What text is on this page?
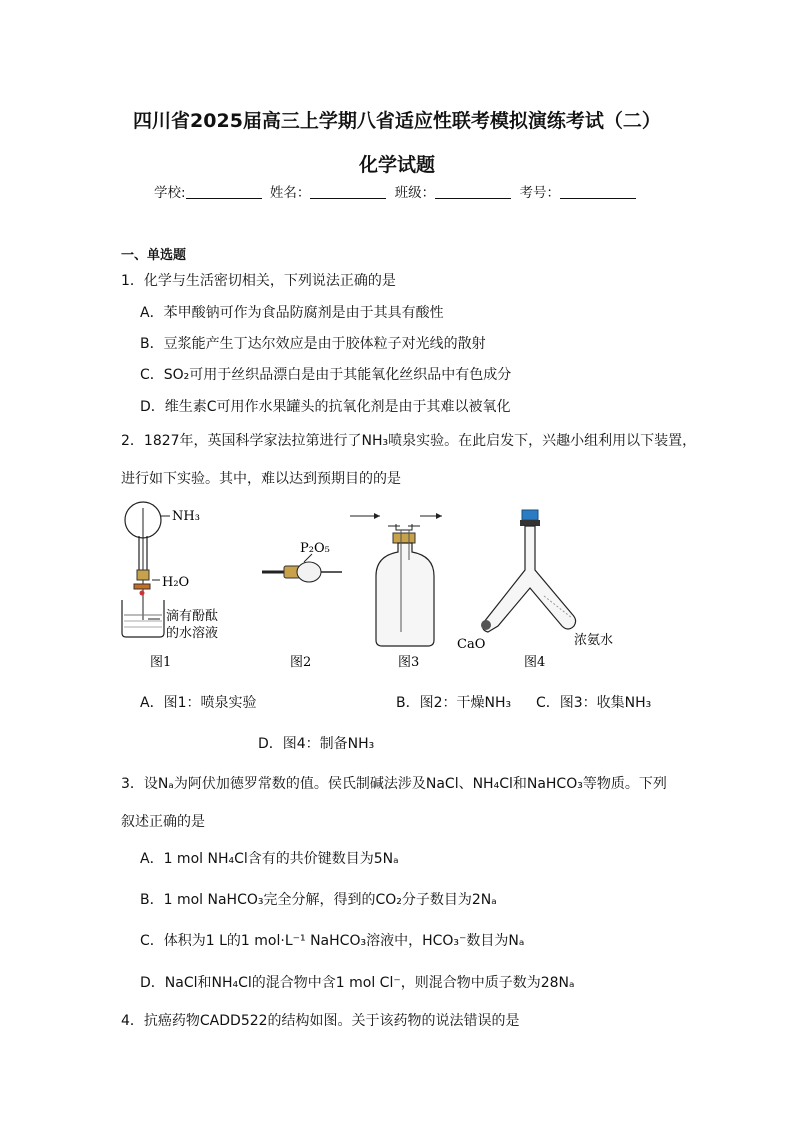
四川省2025届高三上学期八省适应性联考模拟演练考试（二）
化学试题
学校:	姓名：	班级：	考号：
一、单选题
1．化学与生活密切相关，下列说法正确的是
A．苯甲酸钠可作为食品防腐剂是由于其具有酸性
B．豆浆能产生丁达尔效应是由于胶体粒子对光线的散射
C．SO₂可用于丝织品漂白是由于其能氧化丝织品中有色成分
D．维生素C可用作水果罐头的抗氧化剂是由于其难以被氧化
2．1827年，英国科学家法拉第进行了NH₃喷泉实验。在此启发下，兴趣小组利用以下装置，
进行如下实验。其中，难以达到预期目的的是
NH₃
H₂O
滴有酚酞
的水溶液
P₂O₅
CaO	浓氨水
图1	图2	图3	图4
A．图1：喷泉实验	B．图2：干燥NH₃ C．图3：收集NH₃
D．图4：制备NH₃
3．设Nₐ为阿伏加德罗常数的值。侯氏制碱法涉及NaCl、NH₄Cl和NaHCO₃等物质。下列
叙述正确的是
A．1 mol NH₄Cl含有的共价键数目为5Nₐ
B．1 mol NaHCO₃完全分解，得到的CO₂分子数目为2Nₐ
C．体积为1 L的1 mol·L⁻¹ NaHCO₃溶液中，HCO₃⁻数目为Nₐ
D．NaCl和NH₄Cl的混合物中含1 mol Cl⁻，则混合物中质子数为28Nₐ
4．抗癌药物CADD522的结构如图。关于该药物的说法错误的是
